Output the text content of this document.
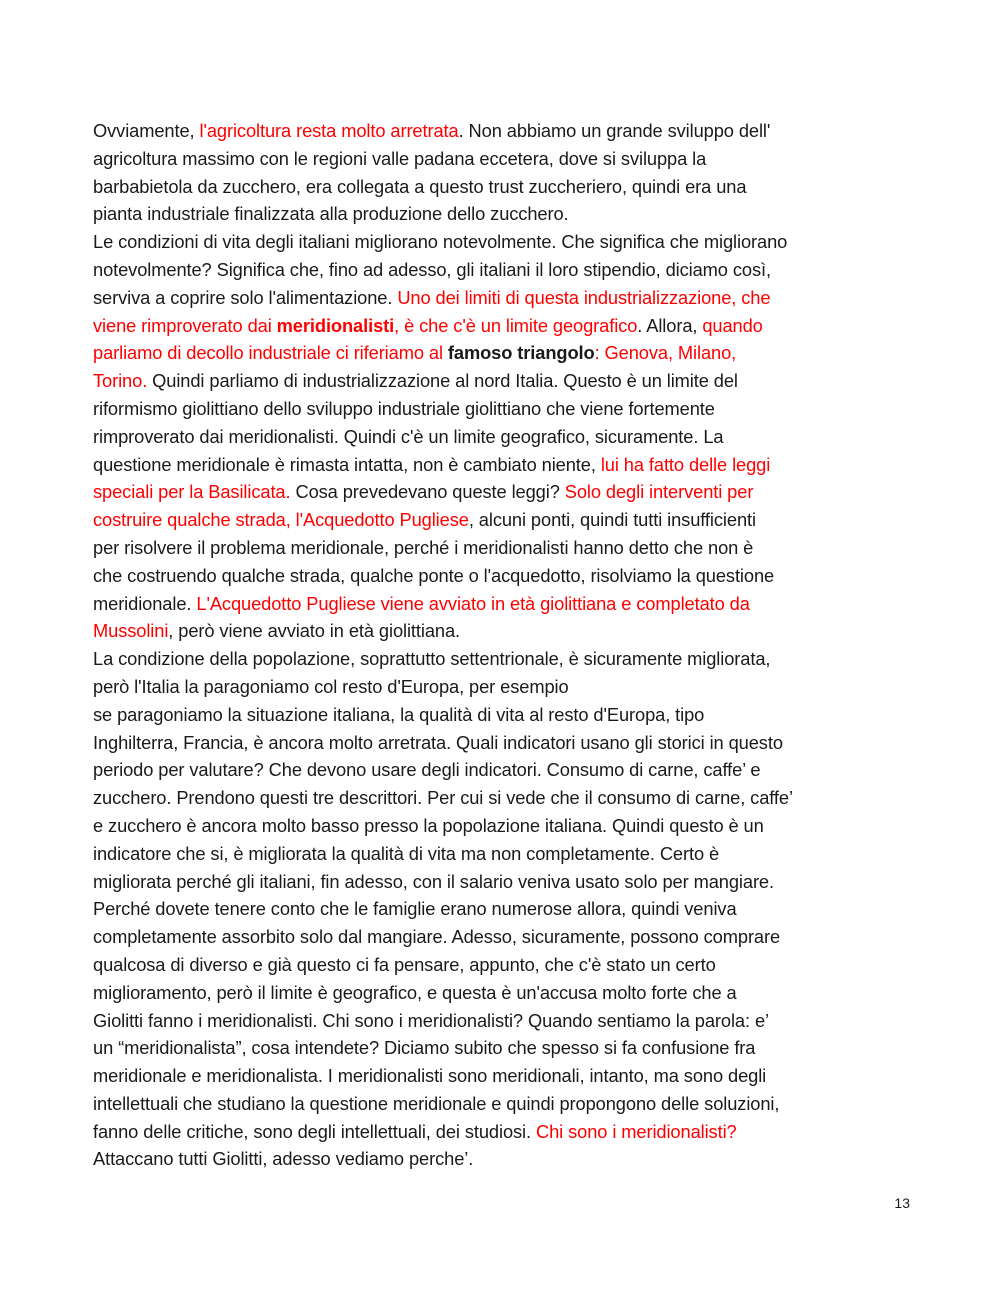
Ovviamente, l'agricoltura resta molto arretrata. Non abbiamo un grande sviluppo dell'
agricoltura massimo con le regioni valle padana eccetera, dove si sviluppa la
barbabietola da zucchero, era collegata a questo trust zuccheriero, quindi era una
pianta industriale finalizzata alla produzione dello zucchero.
Le condizioni di vita degli italiani migliorano notevolmente. Che significa che migliorano
notevolmente? Significa che, fino ad adesso, gli italiani il loro stipendio, diciamo così,
serviva a coprire solo l'alimentazione. Uno dei limiti di questa industrializzazione, che
viene rimproverato dai meridionalisti, è che c'è un limite geografico. Allora, quando
parliamo di decollo industriale ci riferiamo al famoso triangolo: Genova, Milano,
Torino. Quindi parliamo di industrializzazione al nord Italia. Questo è un limite del
riformismo giolittiano dello sviluppo industriale giolittiano che viene fortemente
rimproverato dai meridionalisti. Quindi c'è un limite geografico, sicuramente. La
questione meridionale è rimasta intatta, non è cambiato niente, lui ha fatto delle leggi
speciali per la Basilicata. Cosa prevedevano queste leggi? Solo degli interventi per
costruire qualche strada, l'Acquedotto Pugliese, alcuni ponti, quindi tutti insufficienti
per risolvere il problema meridionale, perché i meridionalisti hanno detto che non è
che costruendo qualche strada, qualche ponte o l'acquedotto, risolviamo la questione
meridionale. L'Acquedotto Pugliese viene avviato in età giolittiana e completato da
Mussolini, però viene avviato in età giolittiana.
La condizione della popolazione, soprattutto settentrionale, è sicuramente migliorata,
però l'Italia la paragoniamo col resto d'Europa, per esempio
se paragoniamo la situazione italiana, la qualità di vita al resto d'Europa, tipo
Inghilterra, Francia, è ancora molto arretrata. Quali indicatori usano gli storici in questo
periodo per valutare? Che devono usare degli indicatori. Consumo di carne, caffe’ e
zucchero. Prendono questi tre descrittori. Per cui si vede che il consumo di carne, caffe’
e zucchero è ancora molto basso presso la popolazione italiana. Quindi questo è un
indicatore che si, è migliorata la qualità di vita ma non completamente. Certo è
migliorata perché gli italiani, fin adesso, con il salario veniva usato solo per mangiare.
Perché dovete tenere conto che le famiglie erano numerose allora, quindi veniva
completamente assorbito solo dal mangiare. Adesso, sicuramente, possono comprare
qualcosa di diverso e già questo ci fa pensare, appunto, che c'è stato un certo
miglioramento, però il limite è geografico, e questa è un'accusa molto forte che a
Giolitti fanno i meridionalisti. Chi sono i meridionalisti? Quando sentiamo la parola: e’
un “meridionalista”, cosa intendete? Diciamo subito che spesso si fa confusione fra
meridionale e meridionalista. I meridionalisti sono meridionali, intanto, ma sono degli
intellettuali che studiano la questione meridionale e quindi propongono delle soluzioni,
fanno delle critiche, sono degli intellettuali, dei studiosi. Chi sono i meridionalisti?
Attaccano tutti Giolitti, adesso vediamo perche’.
13
